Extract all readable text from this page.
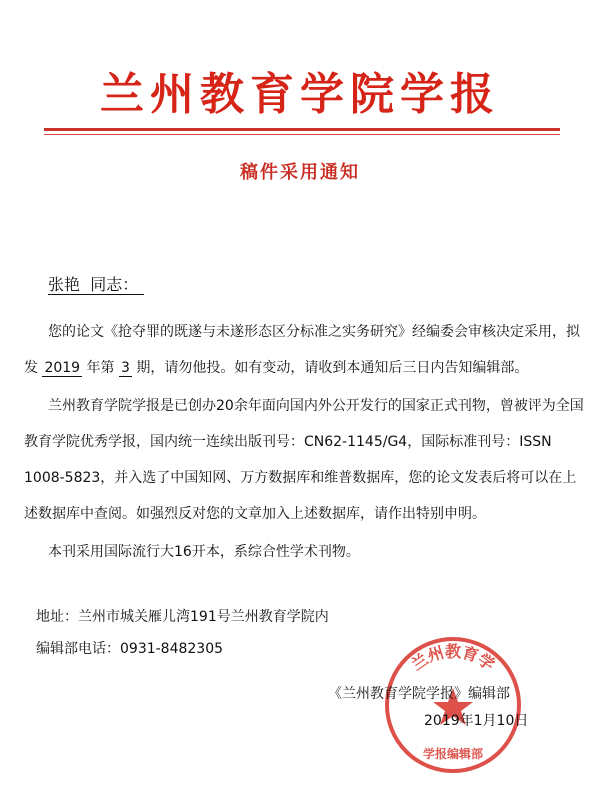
兰州教育学院学报
稿件采用通知
张艳 同志：
您的论文《抢夺罪的既遂与未遂形态区分标准之实务研究》经编委会审核决定采用，拟发 2019 年第 3 期，请勿他投。如有变动，请收到本通知后三日内告知编辑部。
兰州教育学院学报是已创办20余年面向国内外公开发行的国家正式刊物，曾被评为全国教育学院优秀学报，国内统一连续出版刊号：CN62-1145/G4，国际标准刊号：ISSN 1008-5823，并入选了中国知网、万方数据库和维普数据库，您的论文发表后将可以在上述数据库中查阅。如强烈反对您的文章加入上述数据库，请作出特别申明。
本刊采用国际流行大16开本，系综合性学术刊物。
地址：兰州市城关雁儿湾191号兰州教育学院内
编辑部电话：0931-8482305
兰州教育学
学报编辑部
《兰州教育学院学报》编辑部
2019年1月10日
